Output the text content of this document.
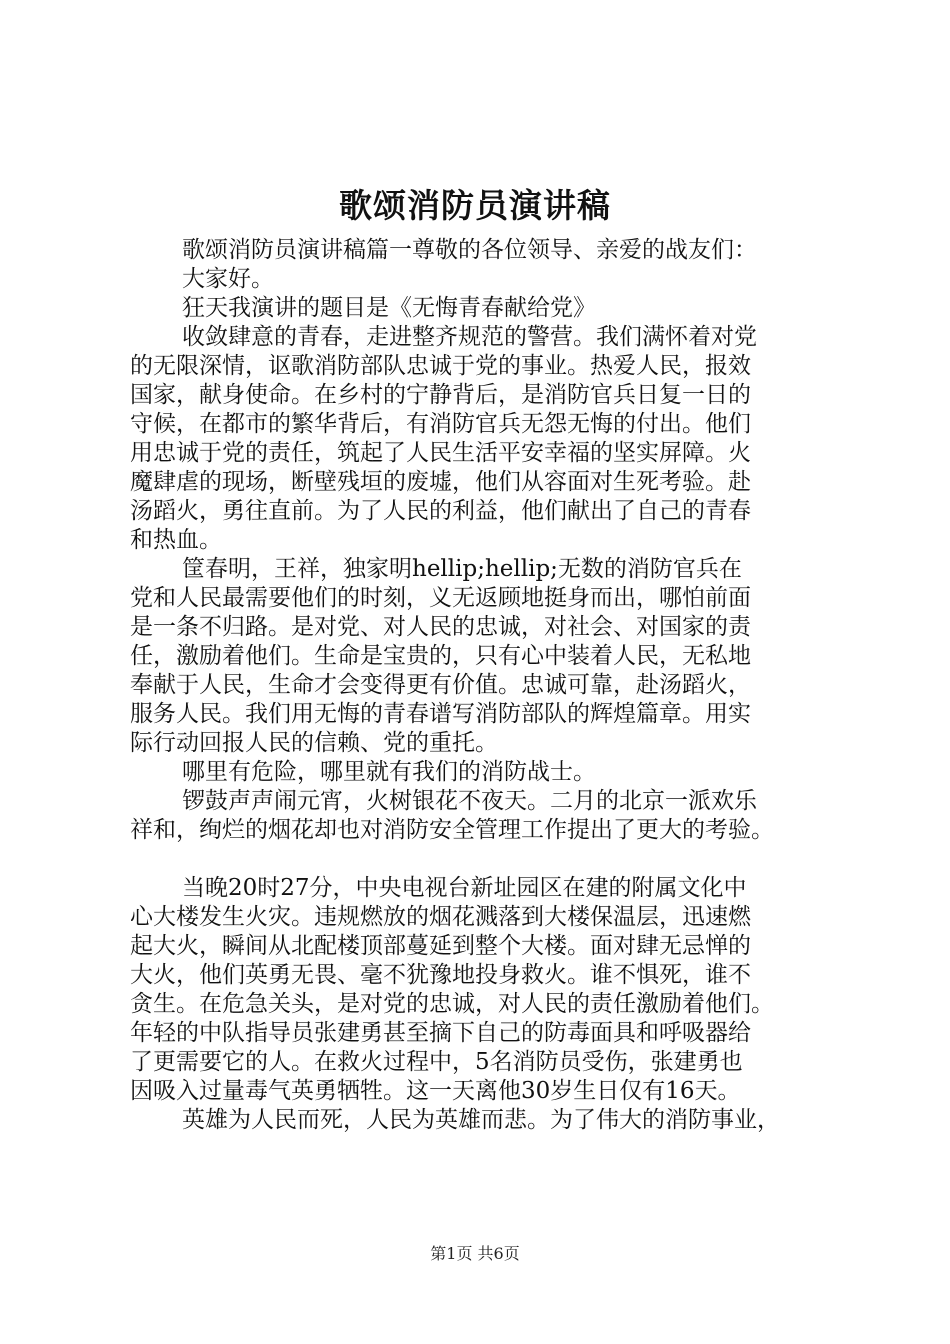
歌颂消防员演讲稿
歌颂消防员演讲稿篇一尊敬的各位领导、亲爱的战友们：
大家好。
狂天我演讲的题目是《无悔青春献给党》
收敛肆意的青春，走进整齐规范的警营。我们满怀着对党
的无限深情，讴歌消防部队忠诚于党的事业。热爱人民，报效
国家，献身使命。在乡村的宁静背后，是消防官兵日复一日的
守候，在都市的繁华背后，有消防官兵无怨无悔的付出。他们
用忠诚于党的责任，筑起了人民生活平安幸福的坚实屏障。火
魔肆虐的现场，断壁残垣的废墟，他们从容面对生死考验。赴
汤蹈火，勇往直前。为了人民的利益，他们献出了自己的青春
和热血。
筐春明，王祥，独家明hellip;hellip;无数的消防官兵在
党和人民最需要他们的时刻，义无返顾地挺身而出，哪怕前面
是一条不归路。是对党、对人民的忠诚，对社会、对国家的责
任，激励着他们。生命是宝贵的，只有心中装着人民，无私地
奉献于人民，生命才会变得更有价值。忠诚可靠，赴汤蹈火，
服务人民。我们用无悔的青春谱写消防部队的辉煌篇章。用实
际行动回报人民的信赖、党的重托。
哪里有危险，哪里就有我们的消防战士。
锣鼓声声闹元宵，火树银花不夜天。二月的北京一派欢乐
祥和，绚烂的烟花却也对消防安全管理工作提出了更大的考验。
当晚20时27分，中央电视台新址园区在建的附属文化中
心大楼发生火灾。违规燃放的烟花溅落到大楼保温层，迅速燃
起大火，瞬间从北配楼顶部蔓延到整个大楼。面对肆无忌惮的
大火，他们英勇无畏、毫不犹豫地投身救火。谁不惧死，谁不
贪生。在危急关头，是对党的忠诚，对人民的责任激励着他们。
年轻的中队指导员张建勇甚至摘下自己的防毒面具和呼吸器给
了更需要它的人。在救火过程中，5名消防员受伤，张建勇也
因吸入过量毒气英勇牺牲。这一天离他30岁生日仅有16天。
英雄为人民而死，人民为英雄而悲。为了伟大的消防事业，
第1页 共6页
